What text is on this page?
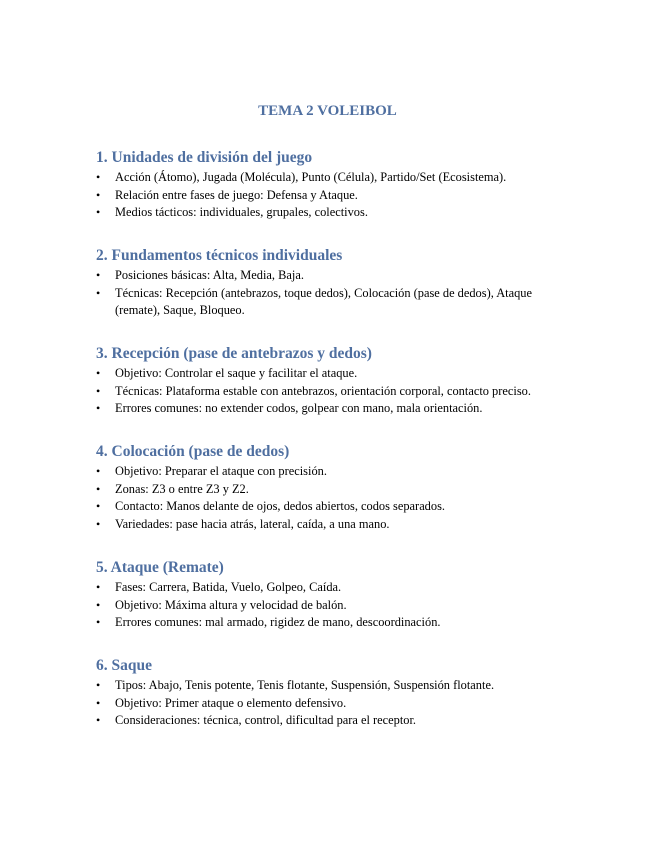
TEMA 2 VOLEIBOL
1. Unidades de división del juego
•	Acción (Átomo), Jugada (Molécula), Punto (Célula), Partido/Set (Ecosistema).
•	Relación entre fases de juego: Defensa y Ataque.
•	Medios tácticos: individuales, grupales, colectivos.
2. Fundamentos técnicos individuales
•	Posiciones básicas: Alta, Media, Baja.
•	Técnicas: Recepción (antebrazos, toque dedos), Colocación (pase de dedos), Ataque (remate), Saque, Bloqueo.
3. Recepción (pase de antebrazos y dedos)
•	Objetivo: Controlar el saque y facilitar el ataque.
•	Técnicas: Plataforma estable con antebrazos, orientación corporal, contacto preciso.
•	Errores comunes: no extender codos, golpear con mano, mala orientación.
4. Colocación (pase de dedos)
•	Objetivo: Preparar el ataque con precisión.
•	Zonas: Z3 o entre Z3 y Z2.
•	Contacto: Manos delante de ojos, dedos abiertos, codos separados.
•	Variedades: pase hacia atrás, lateral, caída, a una mano.
5. Ataque (Remate)
•	Fases: Carrera, Batida, Vuelo, Golpeo, Caída.
•	Objetivo: Máxima altura y velocidad de balón.
•	Errores comunes: mal armado, rigidez de mano, descoordinación.
6. Saque
•	Tipos: Abajo, Tenis potente, Tenis flotante, Suspensión, Suspensión flotante.
•	Objetivo: Primer ataque o elemento defensivo.
•	Consideraciones: técnica, control, dificultad para el receptor.
